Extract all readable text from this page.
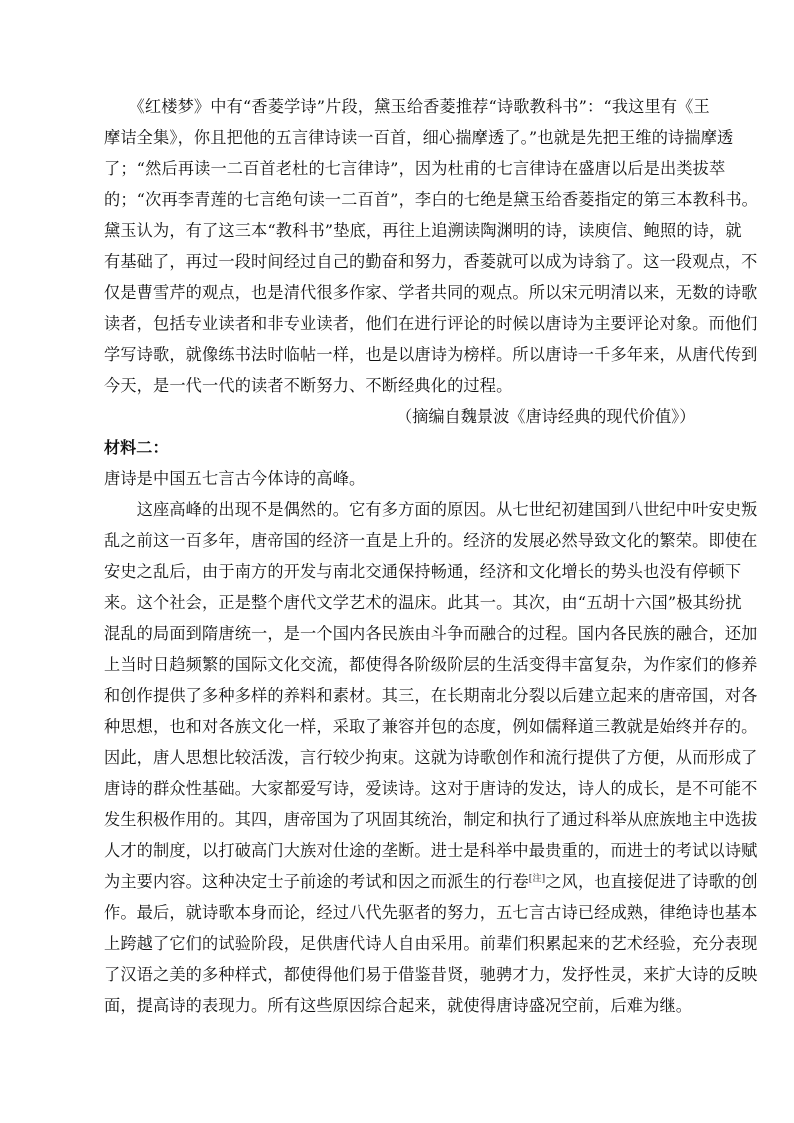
　　《红楼梦》中有“香菱学诗”片段，黛玉给香菱推荐“诗歌教科书”：“我这里有《王
摩诘全集》，你且把他的五言律诗读一百首，细心揣摩透了。”也就是先把王维的诗揣摩透
了；“然后再读一二百首老杜的七言律诗”，因为杜甫的七言律诗在盛唐以后是出类拔萃
的；“次再李青莲的七言绝句读一二百首”，李白的七绝是黛玉给香菱指定的第三本教科书。
黛玉认为，有了这三本“教科书”垫底，再往上追溯读陶渊明的诗，读庾信、鲍照的诗，就
有基础了，再过一段时间经过自己的勤奋和努力，香菱就可以成为诗翁了。这一段观点，不
仅是曹雪芹的观点，也是清代很多作家、学者共同的观点。所以宋元明清以来，无数的诗歌
读者，包括专业读者和非专业读者，他们在进行评论的时候以唐诗为主要评论对象。而他们
学写诗歌，就像练书法时临帖一样，也是以唐诗为榜样。所以唐诗一千多年来，从唐代传到
今天，是一代一代的读者不断努力、不断经典化的过程。
（摘编自魏景波《唐诗经典的现代价值》）
材料二：
唐诗是中国五七言古今体诗的高峰。
　　这座高峰的出现不是偶然的。它有多方面的原因。从七世纪初建国到八世纪中叶安史叛
乱之前这一百多年，唐帝国的经济一直是上升的。经济的发展必然导致文化的繁荣。即使在
安史之乱后，由于南方的开发与南北交通保持畅通，经济和文化增长的势头也没有停顿下
来。这个社会，正是整个唐代文学艺术的温床。此其一。其次，由“五胡十六国”极其纷扰
混乱的局面到隋唐统一，是一个国内各民族由斗争而融合的过程。国内各民族的融合，还加
上当时日趋频繁的国际文化交流，都使得各阶级阶层的生活变得丰富复杂，为作家们的修养
和创作提供了多种多样的养料和素材。其三，在长期南北分裂以后建立起来的唐帝国，对各
种思想，也和对各族文化一样，采取了兼容并包的态度，例如儒释道三教就是始终并存的。
因此，唐人思想比较活泼，言行较少拘束。这就为诗歌创作和流行提供了方便，从而形成了
唐诗的群众性基础。大家都爱写诗，爱读诗。这对于唐诗的发达，诗人的成长，是不可能不
发生积极作用的。其四，唐帝国为了巩固其统治，制定和执行了通过科举从庶族地主中选拔
人才的制度，以打破高门大族对仕途的垄断。进士是科举中最贵重的，而进士的考试以诗赋
为主要内容。这种决定士子前途的考试和因之而派生的行卷[注]之风，也直接促进了诗歌的创
作。最后，就诗歌本身而论，经过八代先驱者的努力，五七言古诗已经成熟，律绝诗也基本
上跨越了它们的试验阶段，足供唐代诗人自由采用。前辈们积累起来的艺术经验，充分表现
了汉语之美的多种样式，都使得他们易于借鉴昔贤，驰骋才力，发抒性灵，来扩大诗的反映
面，提高诗的表现力。所有这些原因综合起来，就使得唐诗盛况空前，后难为继。
